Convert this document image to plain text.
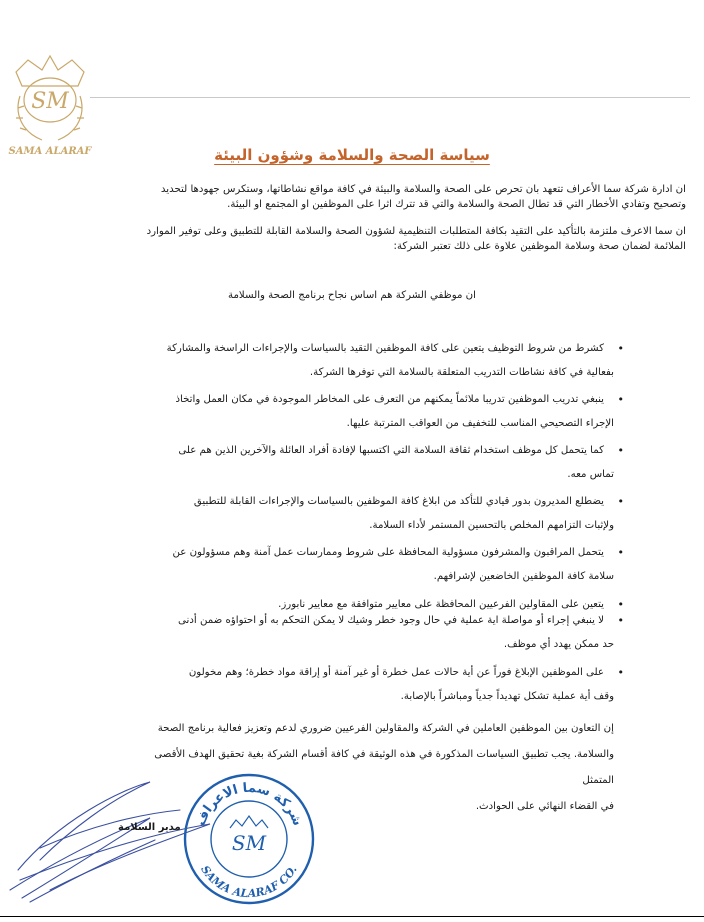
SM
SAMA ALARAF	سياسة الصحة والسلامة وشؤون البيئة

ان ادارة شركة سما الأعراف تتعهد بان تحرص على الصحة والسلامة والبيئة في كافة مواقع نشاطاتها، وستكرس جهودها لتحديد
وتصحيح وتفادي الأخطار التي قد تطال الصحة والسلامة والتي قد تترك اثرا على الموظفين او المجتمع او البيئة.

ان سما الاعرف ملتزمة بالتأكيد على التقيد بكافة المتطلبات التنظيمية لشؤون الصحة والسلامة القابلة للتطبيق وعلى توفير الموارد
الملائمة لضمان صحة وسلامة الموظفين علاوة على ذلك تعتبر الشركة:

ان موظفي الشركة هم اساس نجاح برنامج الصحة والسلامة
• كشرط من شروط التوظيف يتعين على كافة الموظفين التقيد بالسياسات والإجراءات الراسخة والمشاركة
بفعالية في كافة نشاطات التدريب المتعلقة بالسلامة التي توفرها الشركة.
• ينبغي تدريب الموظفين تدريبا ملائماً يمكنهم من التعرف على المخاطر الموجودة في مكان العمل واتخاذ
الإجراء التصحيحي المناسب للتخفيف من العواقب المترتبة عليها.
• كما يتحمل كل موظف استخدام ثقافة السلامة التي اكتسبها لإفادة أفراد العائلة والآخرين الذين هم على
تماس معه.
• يضطلع المديرون بدور قيادي للتأكد من ابلاغ كافة الموظفين بالسياسات والإجراءات القابلة للتطبيق
ولإثبات التزامهم المخلص بالتحسين المستمر لأداء السلامة.
• يتحمل المراقبون والمشرفون مسؤولية المحافظة على شروط وممارسات عمل آمنة وهم مسؤولون عن
سلامة كافة الموظفين الخاضعين لإشرافهم.
• يتعين على المقاولين الفرعيين المحافظة على معايير متوافقة مع معايير نابورز.
• لا ينبغي إجراء أو مواصلة اية عملية في حال وجود خطر وشيك لا يمكن التحكم به أو احتواؤه ضمن أدنى
حد ممكن يهدد أي موظف.
• على الموظفين الإبلاغ فوراً عن أية حالات عمل خطرة أو غير آمنة أو إراقة مواد خطرة؛ وهم مخولون
وقف أية عملية تشكل تهديداً جدياً ومباشراً بالإصابة.
إن التعاون بين الموظفين العاملين في الشركة والمقاولين الفرعيين ضروري لدعم وتعزيز فعالية برنامج الصحة
والسلامة. يجب تطبيق السياسات المذكورة في هذه الوثيقة في كافة أقسام الشركة بغية تحقيق الهدف الأقصى المتمثل
في القضاء النهائي على الحوادث.
مدير السلامة شركة سما الاعراف
SAMA ALARAF CO.
SM
